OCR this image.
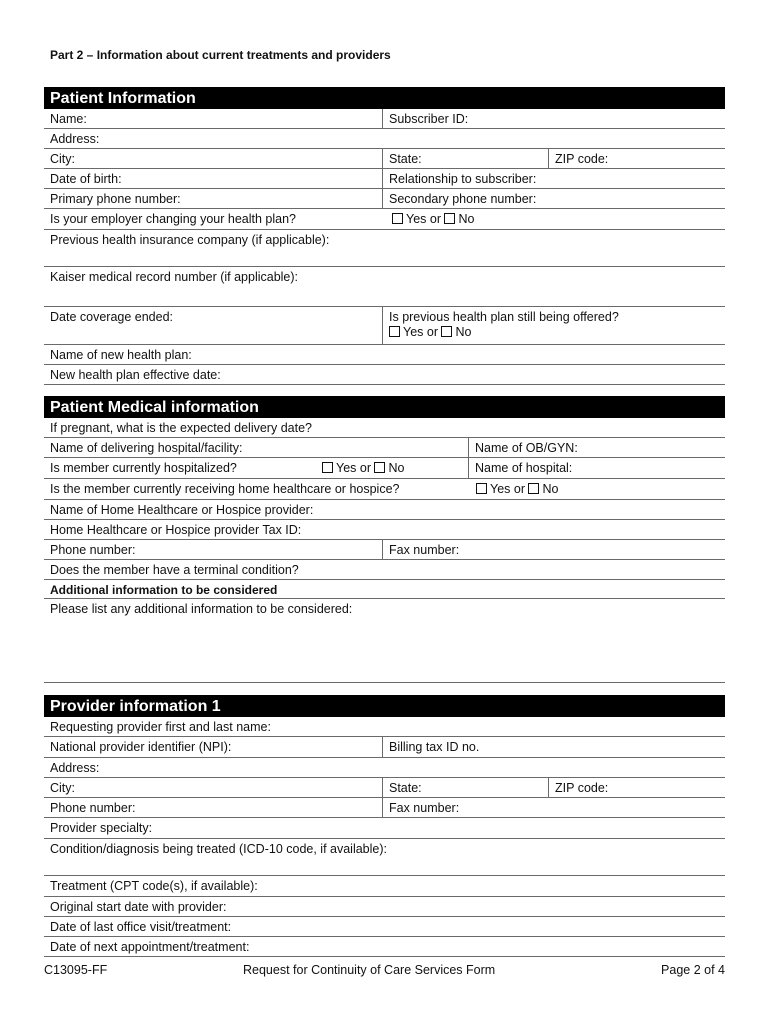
Part 2 – Information about current treatments and providers
Patient Information
Name:	Subscriber ID:
Address:
City:	State:	ZIP code:
Date of birth:	Relationship to subscriber:
Primary phone number:	Secondary phone number:
Is your employer changing your health plan?	Yes or No
Previous health insurance company (if applicable):
Kaiser medical record number (if applicable):
Date coverage ended:	Is previous health plan still being offered?
Yes or No
Name of new health plan:
New health plan effective date:
Patient Medical information
If pregnant, what is the expected delivery date?
Name of delivering hospital/facility:	Name of OB/GYN:
Is member currently hospitalized?	Yes or No	Name of hospital:
Is the member currently receiving home healthcare or hospice?	Yes or No
Name of Home Healthcare or Hospice provider:
Home Healthcare or Hospice provider Tax ID:
Phone number:	Fax number:
Does the member have a terminal condition?
Additional information to be considered
Please list any additional information to be considered:
Provider information 1
Requesting provider first and last name:
National provider identifier (NPI):	Billing tax ID no.
Address:
City:	State:	ZIP code:
Phone number:	Fax number:
Provider specialty:
Condition/diagnosis being treated (ICD-10 code, if available):
Treatment (CPT code(s), if available):
Original start date with provider:
Date of last office visit/treatment:
Date of next appointment/treatment:
C13095-FF	Request for Continuity of Care Services Form	Page 2 of 4
